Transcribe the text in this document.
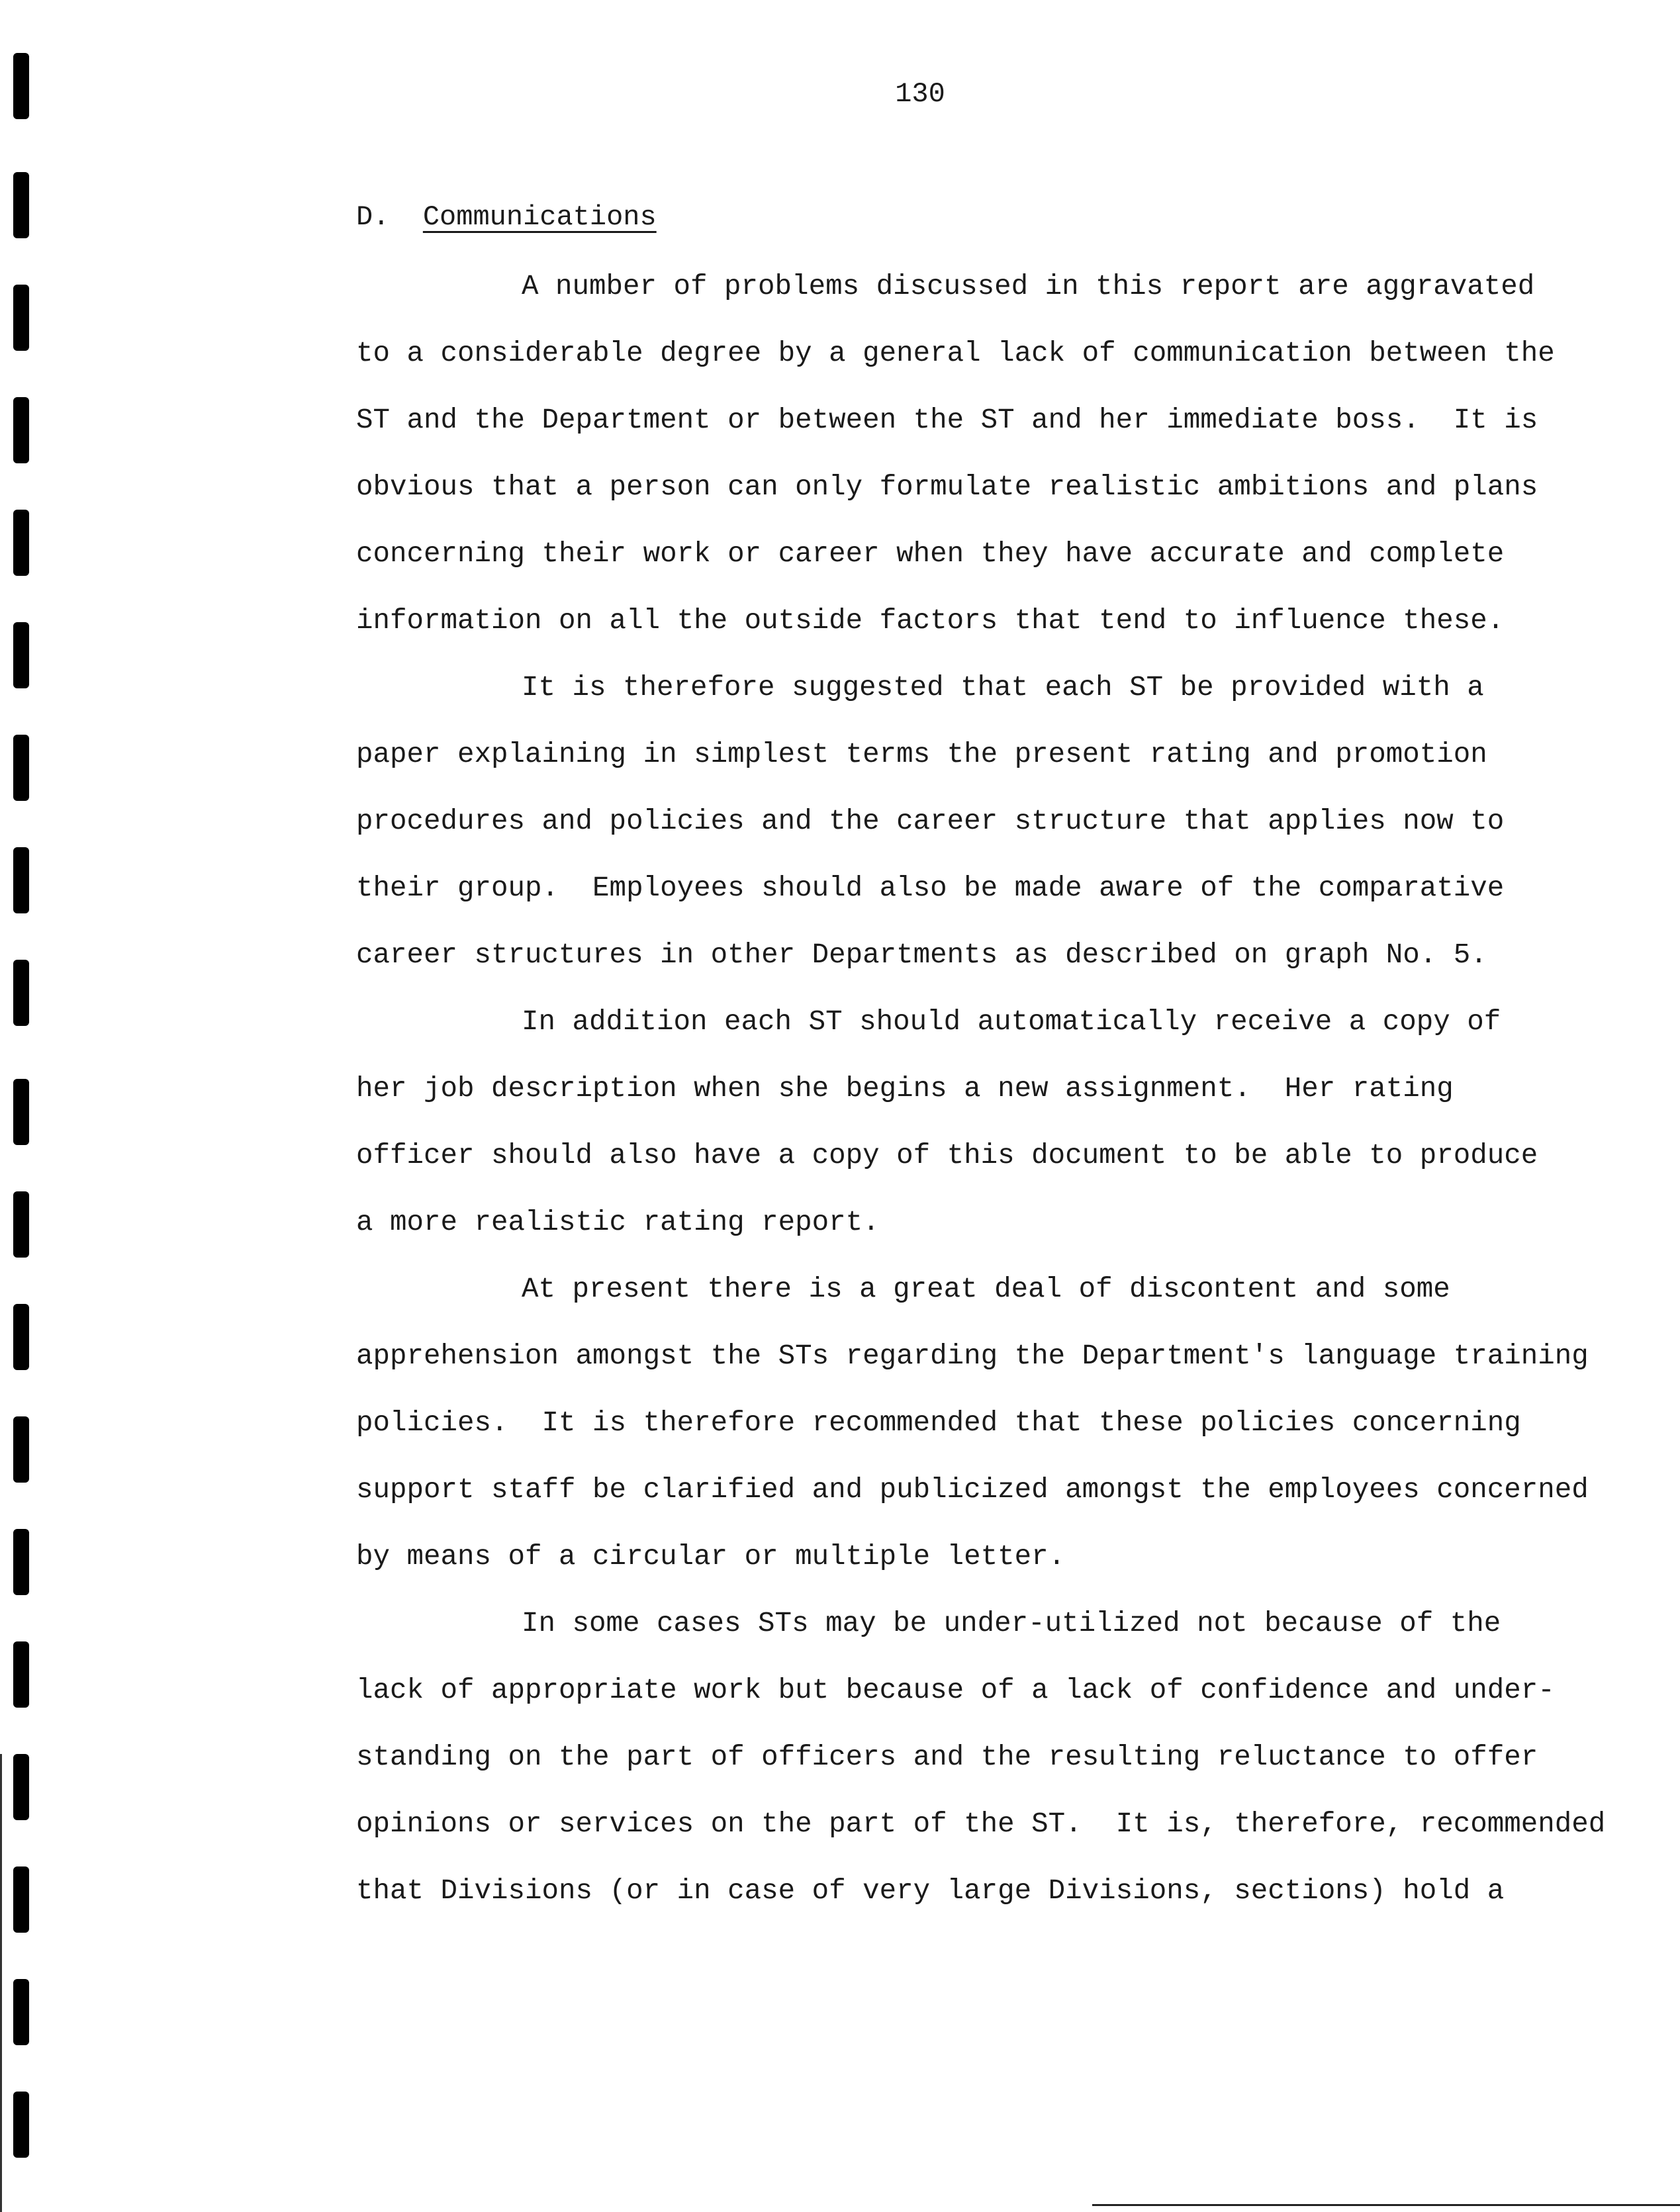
130
D. Communications
A number of problems discussed in this report are aggravated
to a considerable degree by a general lack of communication between the
ST and the Department or between the ST and her immediate boss.  It is
obvious that a person can only formulate realistic ambitions and plans
concerning their work or career when they have accurate and complete
information on all the outside factors that tend to influence these.
It is therefore suggested that each ST be provided with a
paper explaining in simplest terms the present rating and promotion
procedures and policies and the career structure that applies now to
their group.  Employees should also be made aware of the comparative
career structures in other Departments as described on graph No. 5.
In addition each ST should automatically receive a copy of
her job description when she begins a new assignment.  Her rating
officer should also have a copy of this document to be able to produce
a more realistic rating report.
At present there is a great deal of discontent and some
apprehension amongst the STs regarding the Department's language training
policies.  It is therefore recommended that these policies concerning
support staff be clarified and publicized amongst the employees concerned
by means of a circular or multiple letter.
In some cases STs may be under-utilized not because of the
lack of appropriate work but because of a lack of confidence and under-
standing on the part of officers and the resulting reluctance to offer
opinions or services on the part of the ST.  It is, therefore, recommended
that Divisions (or in case of very large Divisions, sections) hold a
